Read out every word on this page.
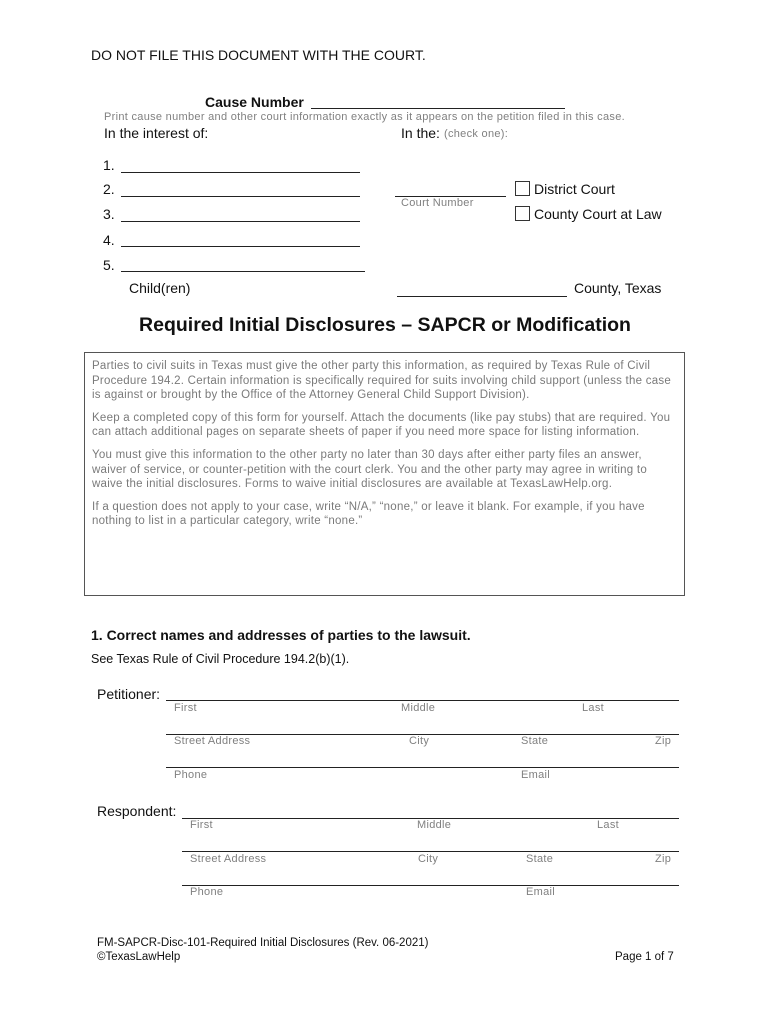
DO NOT FILE THIS DOCUMENT WITH THE COURT.
Cause Number
Print cause number and other court information exactly as it appears on the petition filed in this case.
In the interest of:	In the: (check one):
1.
2.
3.
4.
5.
Child(ren)
Court Number
District Court
County Court at Law
County, Texas
Required Initial Disclosures – SAPCR or Modification

Parties to civil suits in Texas must give the other party this information, as required by Texas Rule of Civil Procedure 194.2. Certain information is specifically required for suits involving child support (unless the case is against or brought by the Office of the Attorney General Child Support Division).

Keep a completed copy of this form for yourself. Attach the documents (like pay stubs) that are required. You can attach additional pages on separate sheets of paper if you need more space for listing information.

You must give this information to the other party no later than 30 days after either party files an answer, waiver of service, or counter-petition with the court clerk. You and the other party may agree in writing to waive the initial disclosures. Forms to waive initial disclosures are available at TexasLawHelp.org.

If a question does not apply to your case, write “N/A,” “none,” or leave it blank. For example, if you have nothing to list in a particular category, write “none.”

1. Correct names and addresses of parties to the lawsuit.
See Texas Rule of Civil Procedure 194.2(b)(1).
Petitioner:
First	Middle	Last
Street Address	City	State	Zip
Phone	Email
Respondent:
First	Middle	Last
Street Address	City	State	Zip
Phone	Email
FM-SAPCR-Disc-101-Required Initial Disclosures (Rev. 06-2021)
©TexasLawHelp	Page 1 of 7
